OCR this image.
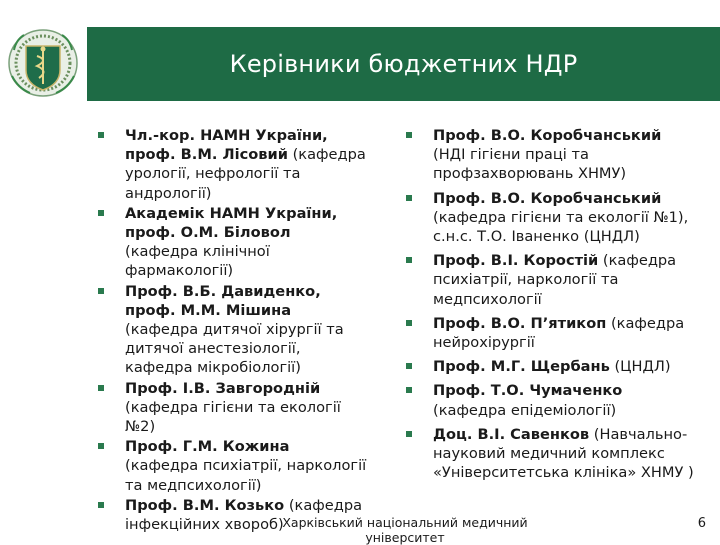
Керівники бюджетних НДР
Чл.-кор. НАМН України, проф. В.М. Лісовий (кафедра урології, нефрології та андрології)
Академік НАМН України, проф. О.М. Біловол (кафедра клінічної фармакології)
Проф. В.Б. Давиденко, проф. М.М. Мішина (кафедра дитячої хірургії та дитячої анестезіології, кафедра мікробіології)
Проф. І.В. Завгородній (кафедра гігієни та екології №2)
Проф. Г.М. Кожина (кафедра психіатрії, наркології та медпсихології)
Проф. В.М. Козько (кафедра інфекційних хвороб)
Проф. В.О. Коробчанський (НДІ гігієни праці та профзахворювань ХНМУ)
Проф. В.О. Коробчанський (кафедра гігієни та екології №1), с.н.с. Т.О. Іваненко (ЦНДЛ)
Проф. В.І. Коростій (кафедра психіатрії, наркології та медпсихології
Проф. В.О. П’ятикоп (кафедра нейрохірургії
Проф. М.Г. Щербань (ЦНДЛ)
Проф. Т.О. Чумаченко (кафедра епідеміології)
Доц. В.І. Савенков (Навчально-науковий медичний комплекс «Університетська клініка» ХНМУ )
Харківський національний медичний університет
6
